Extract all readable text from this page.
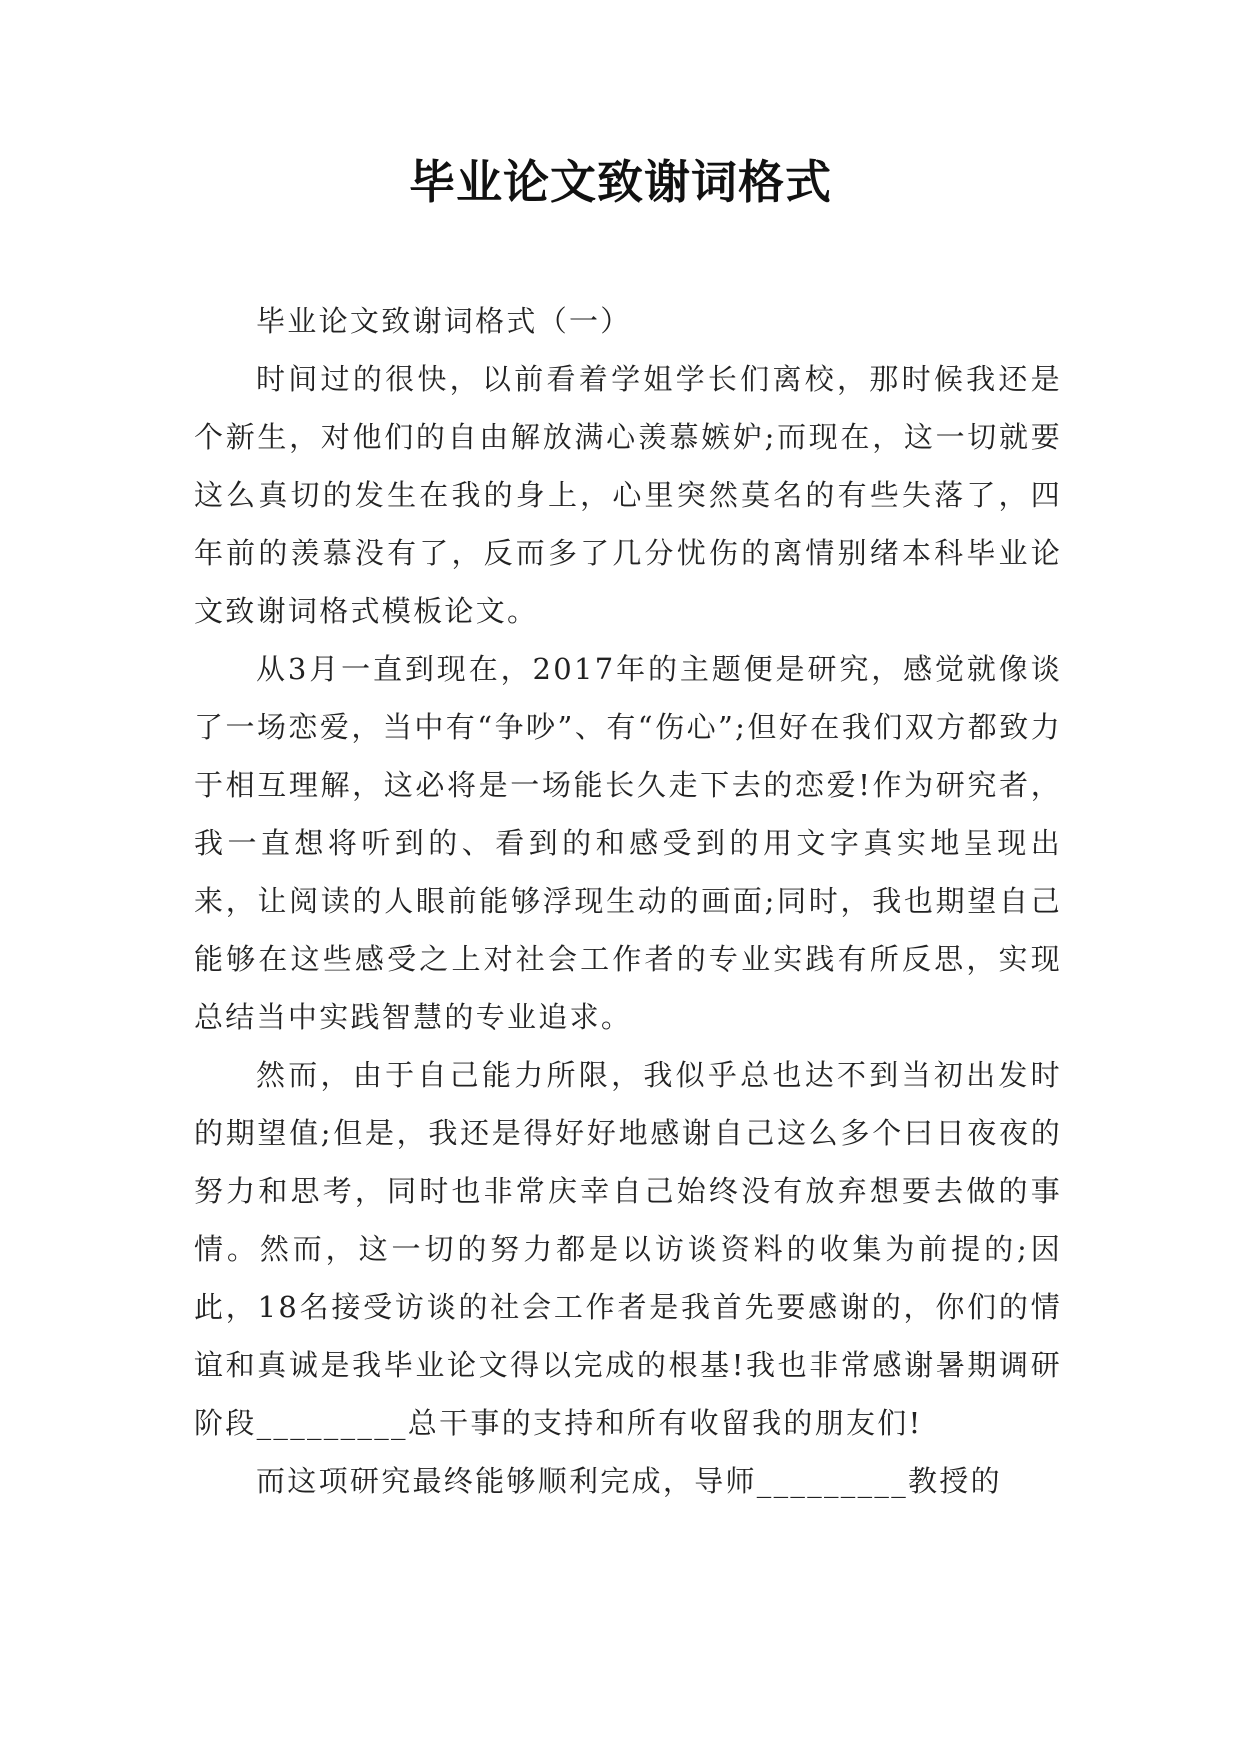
毕业论文致谢词格式

毕业论文致谢词格式（一）

时间过的很快，以前看着学姐学长们离校，那时候我还是个新生，对他们的自由解放满心羡慕嫉妒;而现在，这一切就要这么真切的发生在我的身上，心里突然莫名的有些失落了，四年前的羡慕没有了，反而多了几分忧伤的离情别绪本科毕业论文致谢词格式模板论文。

从3月一直到现在，2017年的主题便是研究，感觉就像谈了一场恋爱，当中有“争吵”、有“伤心”;但好在我们双方都致力于相互理解，这必将是一场能长久走下去的恋爱!作为研究者，我一直想将听到的、看到的和感受到的用文字真实地呈现出来，让阅读的人眼前能够浮现生动的画面;同时，我也期望自己能够在这些感受之上对社会工作者的专业实践有所反思，实现总结当中实践智慧的专业追求。

然而，由于自己能力所限，我似乎总也达不到当初出发时的期望值;但是，我还是得好好地感谢自己这么多个曰日夜夜的努力和思考，同时也非常庆幸自己始终没有放弃想要去做的事情。然而，这一切的努力都是以访谈资料的收集为前提的;因此，18名接受访谈的社会工作者是我首先要感谢的，你们的情谊和真诚是我毕业论文得以完成的根基!我也非常感谢暑期调研阶段_________总干事的支持和所有收留我的朋友们!

而这项研究最终能够顺利完成，导师_________教授的
